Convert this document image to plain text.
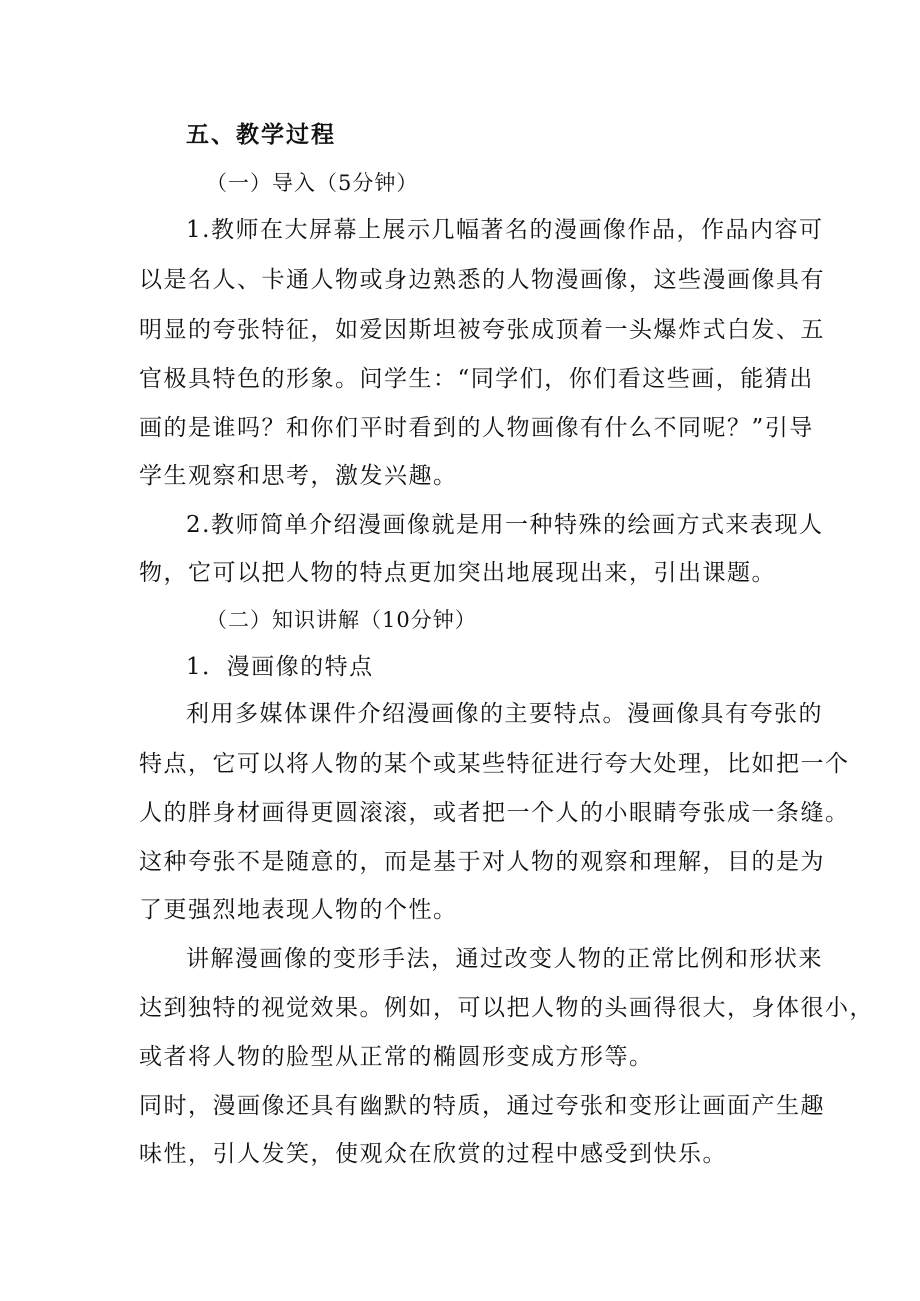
五、教学过程
（一）导入（5分钟）
1.教师在大屏幕上展示几幅著名的漫画像作品，作品内容可
以是名人、卡通人物或身边熟悉的人物漫画像，这些漫画像具有
明显的夸张特征，如爱因斯坦被夸张成顶着一头爆炸式白发、五
官极具特色的形象。问学生：“同学们，你们看这些画，能猜出
画的是谁吗？和你们平时看到的人物画像有什么不同呢？”引导
学生观察和思考，激发兴趣。
2.教师简单介绍漫画像就是用一种特殊的绘画方式来表现人
物，它可以把人物的特点更加突出地展现出来，引出课题。
（二）知识讲解（10分钟）
1．漫画像的特点
利用多媒体课件介绍漫画像的主要特点。漫画像具有夸张的
特点，它可以将人物的某个或某些特征进行夸大处理，比如把一个
人的胖身材画得更圆滚滚，或者把一个人的小眼睛夸张成一条缝。
这种夸张不是随意的，而是基于对人物的观察和理解，目的是为
了更强烈地表现人物的个性。
讲解漫画像的变形手法，通过改变人物的正常比例和形状来
达到独特的视觉效果。例如，可以把人物的头画得很大，身体很小，
或者将人物的脸型从正常的椭圆形变成方形等。
同时，漫画像还具有幽默的特质，通过夸张和变形让画面产生趣
味性，引人发笑，使观众在欣赏的过程中感受到快乐。
